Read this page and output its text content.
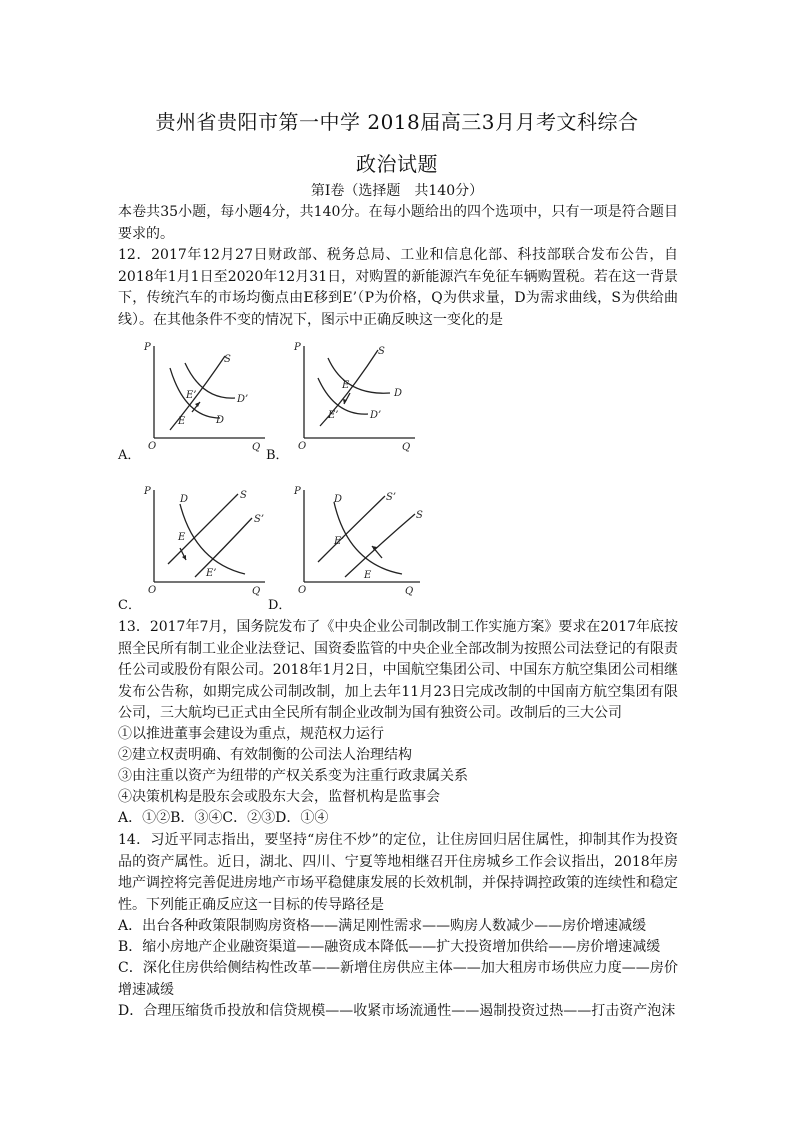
贵州省贵阳市第一中学 2018届高三3月月考文科综合
政治试题
第Ⅰ卷（选择题　共140分）

本卷共35小题，每小题4分，共140分。在每小题给出的四个选项中，只有一项是符合题目要求的。

12．2017年12月27日财政部、税务总局、工业和信息化部、科技部联合发布公告，自2018年1月1日至2020年12月31日，对购置的新能源汽车免征车辆购置税。若在这一背景下，传统汽车的市场均衡点由E移到E’（P为价格，Q为供求量，D为需求曲线，S为供给曲线）。在其他条件不变的情况下，图示中正确反映这一变化的是

P
Q
O
S
D
D’
E
E’
A．
P
Q
O
S
D
D’
E
E’
B．
P
Q
O
S
S’
D
E
E’
C．
P
Q
O
S’
S
D
E’
E
D．

13．2017年7月，国务院发布了《中央企业公司制改制工作实施方案》要求在2017年底按照全民所有制工业企业法登记、国资委监管的中央企业全部改制为按照公司法登记的有限责任公司或股份有限公司。2018年1月2日，中国航空集团公司、中国东方航空集团公司相继发布公告称，如期完成公司制改制，加上去年11月23日完成改制的中国南方航空集团有限公司，三大航均已正式由全民所有制企业改制为国有独资公司。改制后的三大公司

①以推进董事会建设为重点，规范权力运行
②建立权责明确、有效制衡的公司法人治理结构
③由注重以资产为纽带的产权关系变为注重行政隶属关系
④决策机构是股东会或股东大会，监督机构是监事会
A．①②B．③④C．②③D．①④

14．习近平同志指出，要坚持“房住不炒”的定位，让住房回归居住属性，抑制其作为投资品的资产属性。近日，湖北、四川、宁夏等地相继召开住房城乡工作会议指出，2018年房地产调控将完善促进房地产市场平稳健康发展的长效机制，并保持调控政策的连续性和稳定性。下列能正确反应这一目标的传导路径是

A．出台各种政策限制购房资格——满足刚性需求——购房人数减少——房价增速减缓
B．缩小房地产企业融资渠道——融资成本降低——扩大投资增加供给——房价增速减缓

C．深化住房供给侧结构性改革——新增住房供应主体——加大租房市场供应力度——房价增速减缓

D．合理压缩货币投放和信贷规模——收紧市场流通性——遏制投资过热——打击资产泡沫
